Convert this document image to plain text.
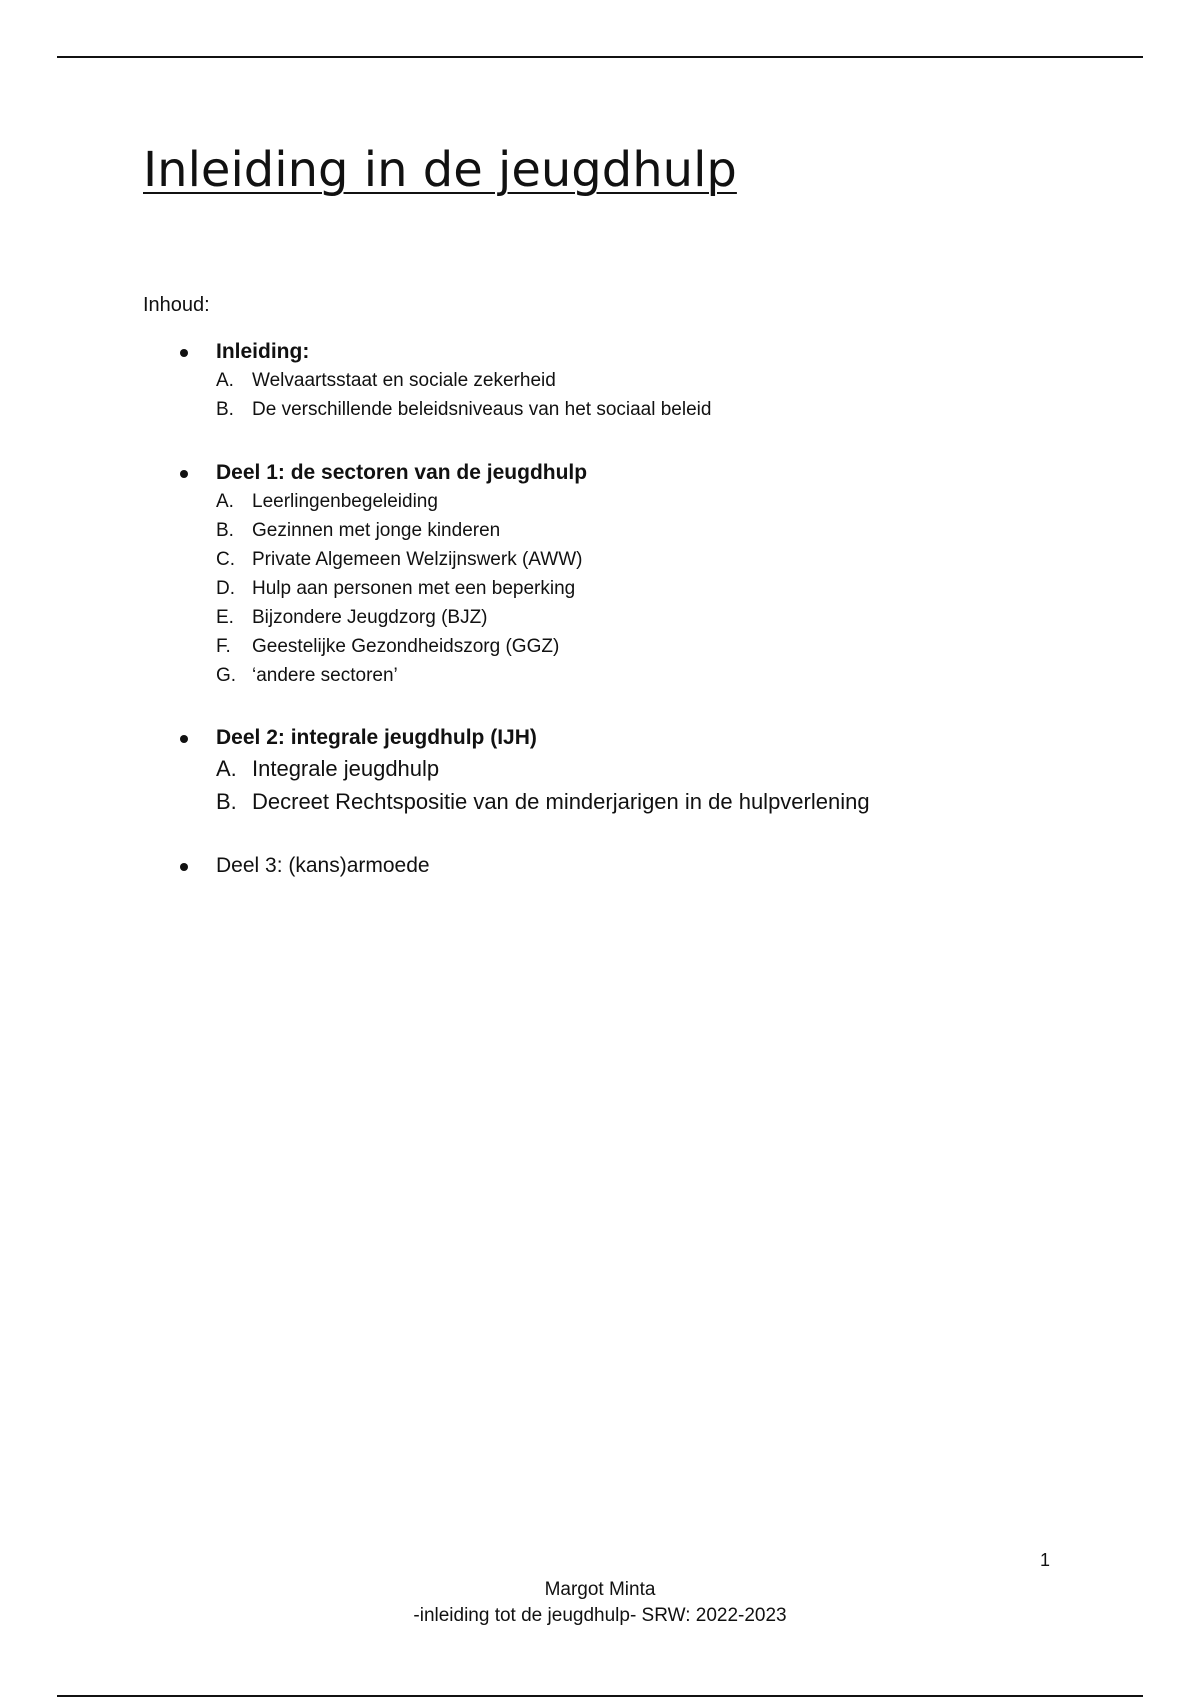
Inleiding in de jeugdhulp
Inhoud:
Inleiding:
A. Welvaartsstaat en sociale zekerheid
B. De verschillende beleidsniveaus van het sociaal beleid
Deel 1: de sectoren van de jeugdhulp
A. Leerlingenbegeleiding
B. Gezinnen met jonge kinderen
C. Private Algemeen Welzijnswerk (AWW)
D. Hulp aan personen met een beperking
E. Bijzondere Jeugdzorg (BJZ)
F. Geestelijke Gezondheidszorg (GGZ)
G. ‘andere sectoren’
Deel 2: integrale jeugdhulp (IJH)
A. Integrale jeugdhulp
B. Decreet Rechtspositie van de minderjarigen in de hulpverlening
Deel 3: (kans)armoede
1
Margot Minta
-inleiding tot de jeugdhulp- SRW: 2022-2023
